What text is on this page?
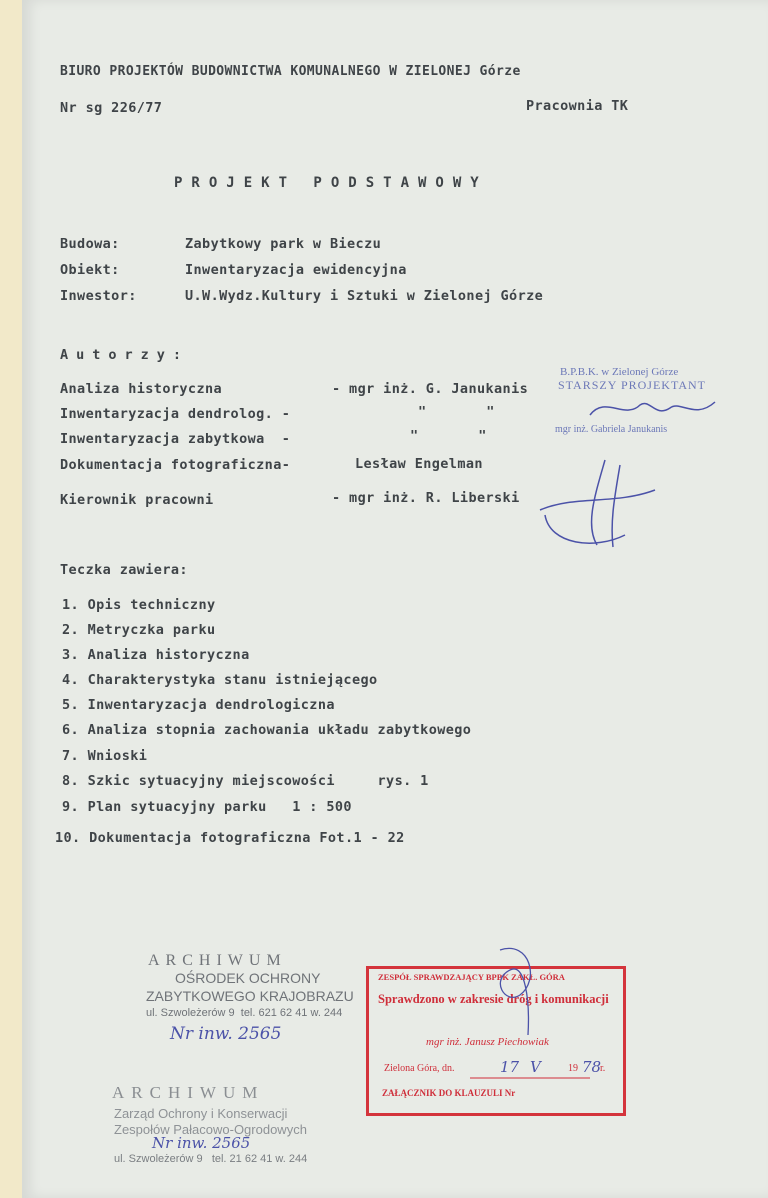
BIURO PROJEKTÓW BUDOWNICTWA KOMUNALNEGO W ZIELONEJ Górze
Nr sg 226/77	Pracownia TK
PROJEKT PODSTAWOWY
Budowa:	Zabytkowy park w Bieczu
Obiekt:	Inwentaryzacja ewidencyjna
Inwestor:	U.W.Wydz.Kultury i Sztuki w Zielonej Górze
Autorzy:
Analiza historyczna	- mgr inż. G. Janukanis
Inwentaryzacja dendrolog. -	"       "
Inwentaryzacja zabytkowa  -	"       "
Dokumentacja fotograficzna-	Lesław Engelman
Kierownik pracowni	- mgr inż. R. Liberski
B.P.B.K. w Zielonej Górze
STARSZY PROJEKTANT
mgr inż. Gabriela Janukanis
Teczka zawiera:
1. Opis techniczny
2. Metryczka parku
3. Analiza historyczna
4. Charakterystyka stanu istniejącego
5. Inwentaryzacja dendrologiczna
6. Analiza stopnia zachowania układu zabytkowego
7. Wnioski
8. Szkic sytuacyjny miejscowości     rys. 1
9. Plan sytuacyjny parku   1 : 500
10. Dokumentacja fotograficzna Fot.1 - 22
ARCHIWUM
OŚRODEK OCHRONY
ZABYTKOWEGO KRAJOBRAZU
ul. Szwoleżerów 9  tel. 621 62 41 w. 244
Nr inw. 2565
ARCHIWUM
Zarząd Ochrony i Konserwacji
Zespołów Pałacowo-Ogrodowych
Nr inw. 2565
ul. Szwoleżerów 9   tel. 21 62 41 w. 244
ZESPÓŁ SPRAWDZAJĄCY BPBK ZAKŁ. GÓRA
Sprawdzono w zakresie dróg i komunikacji
mgr inż. Janusz Piechowiak
Zielona Góra, dn.	17 V	19 78
r.
ZAŁĄCZNIK DO KLAUZULI Nr
